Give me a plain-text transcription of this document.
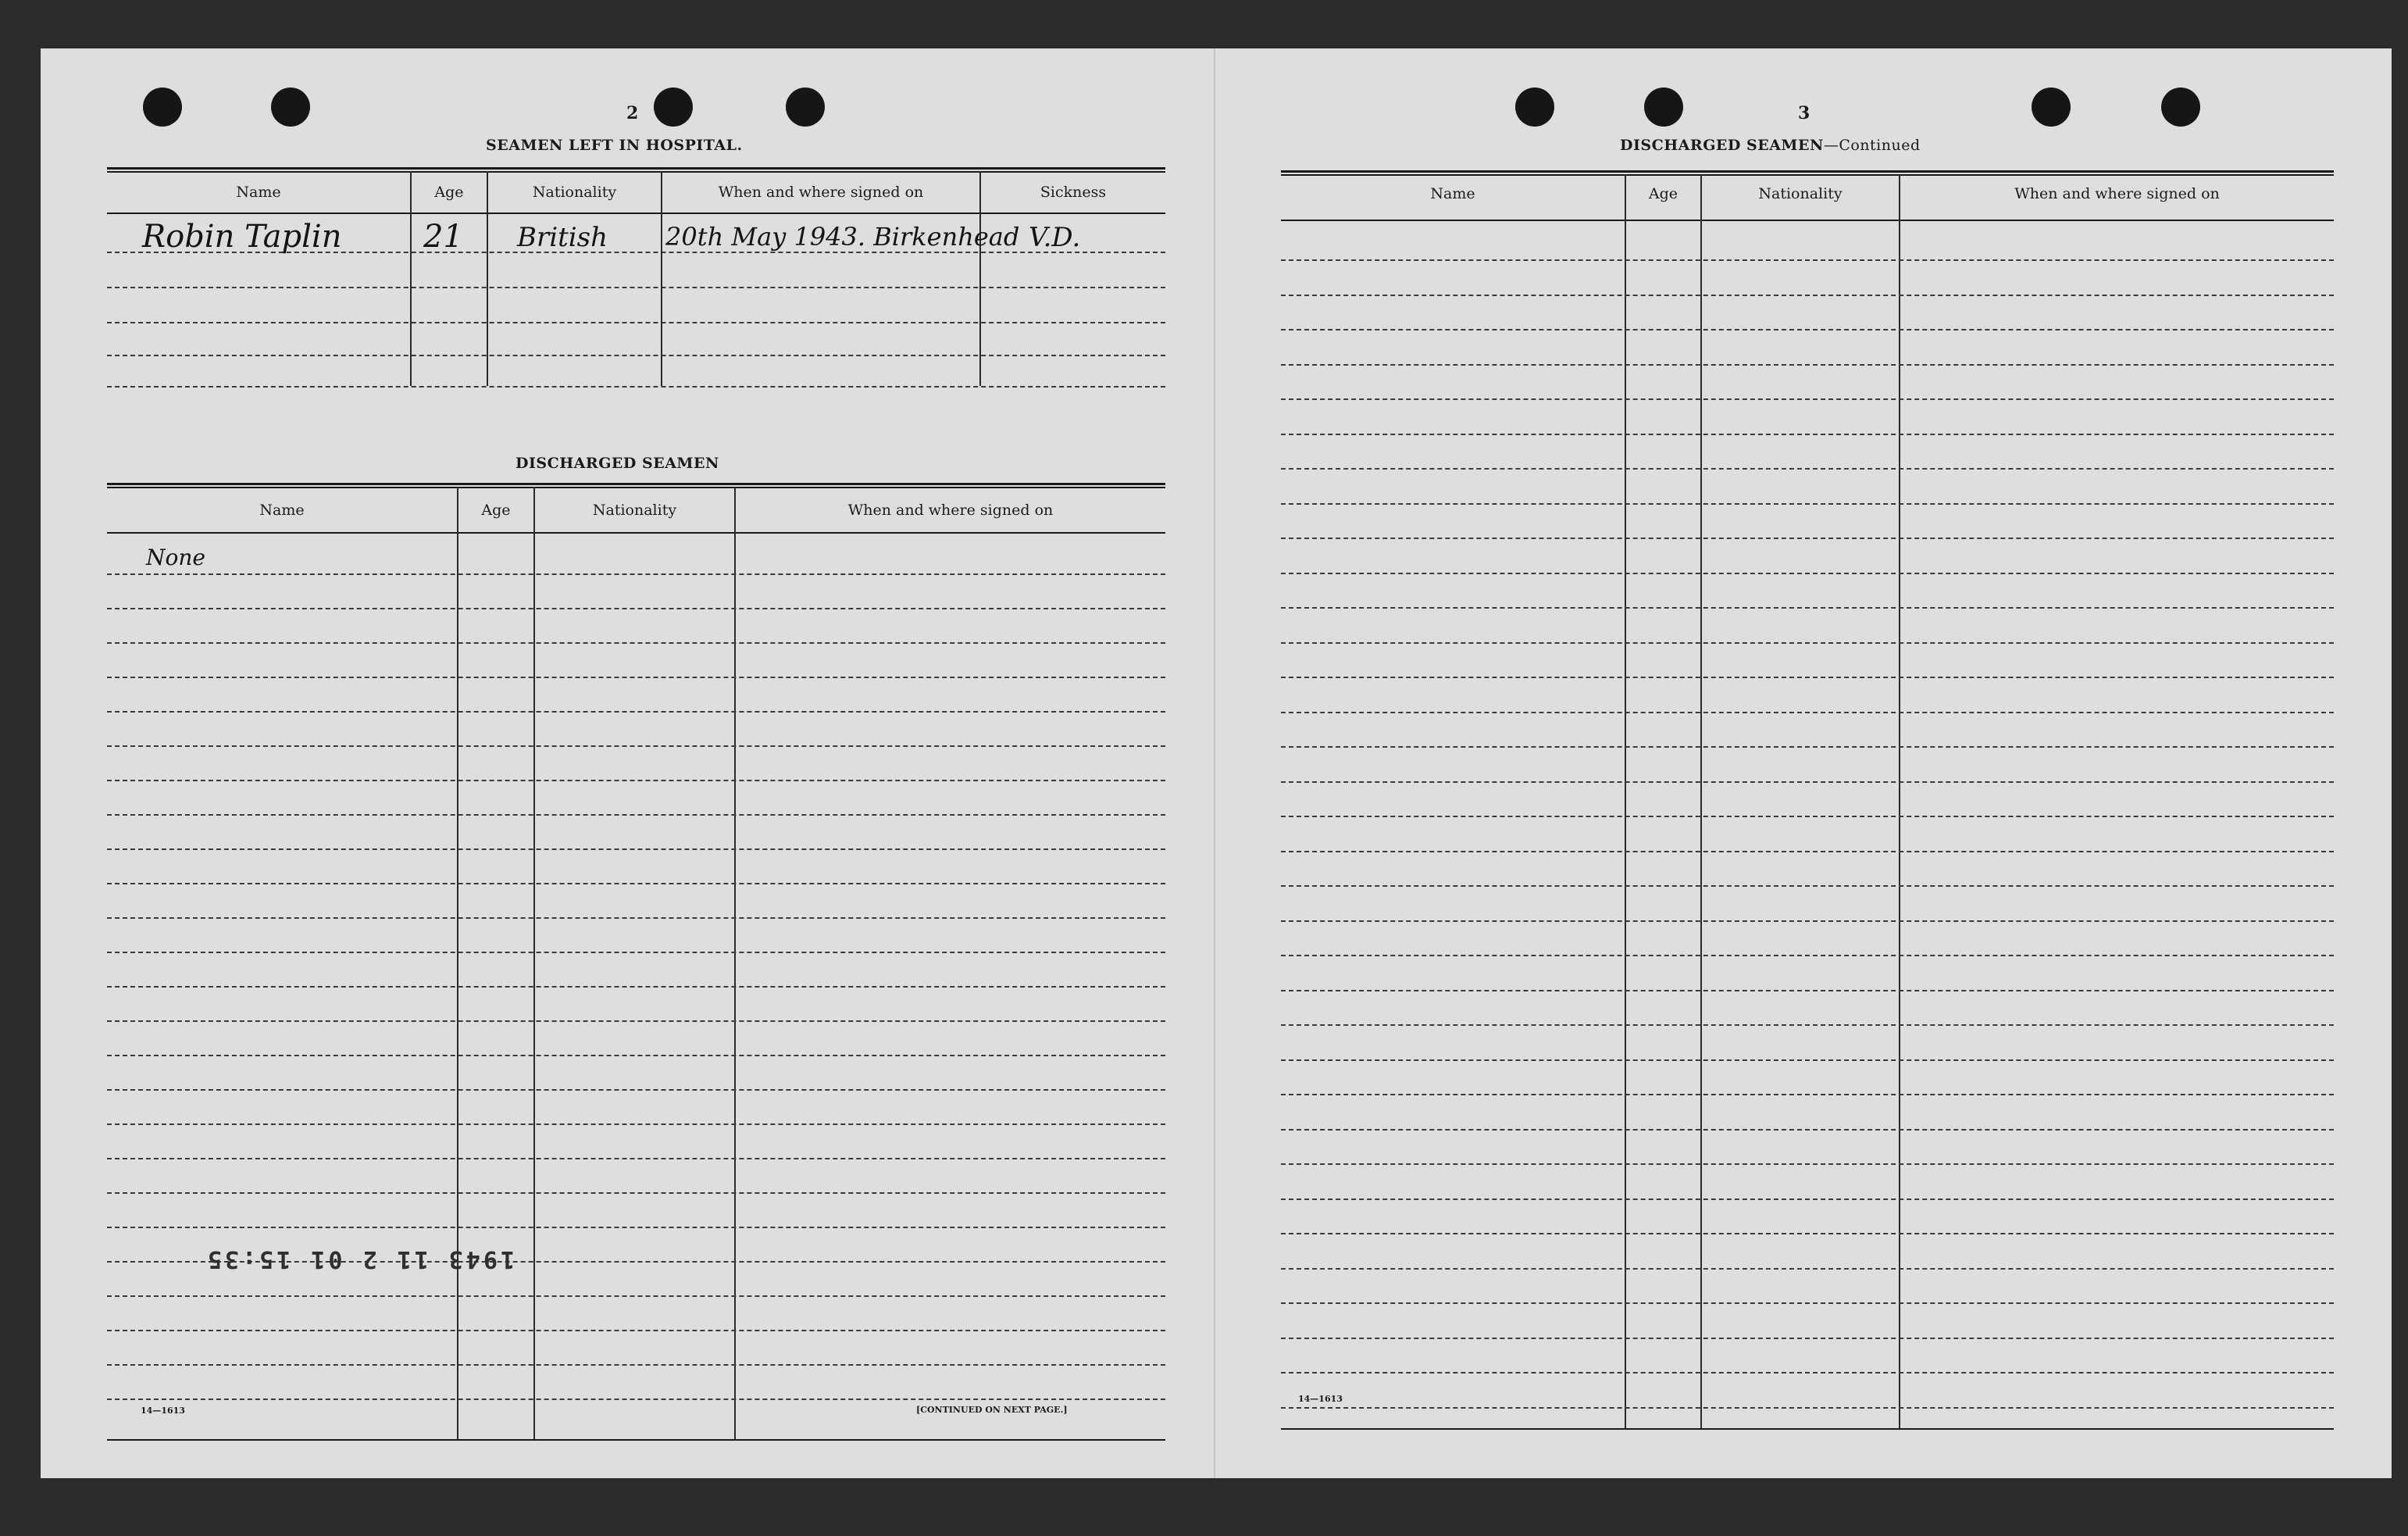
2
SEAMEN LEFT IN HOSPITAL.
Name	Age	Nationality	When and where signed on	Sickness
Robin Taplin	21 British 20th May 1943. Birkenhead V.D.
DISCHARGED SEAMEN
Name	Age	Nationality	When and where signed on
None
1943 11 2 01 15:35
14—1613	[CONTINUED ON NEXT PAGE.]
3
DISCHARGED SEAMEN—Continued
Name	Age	Nationality	When and where signed on
14—1613
